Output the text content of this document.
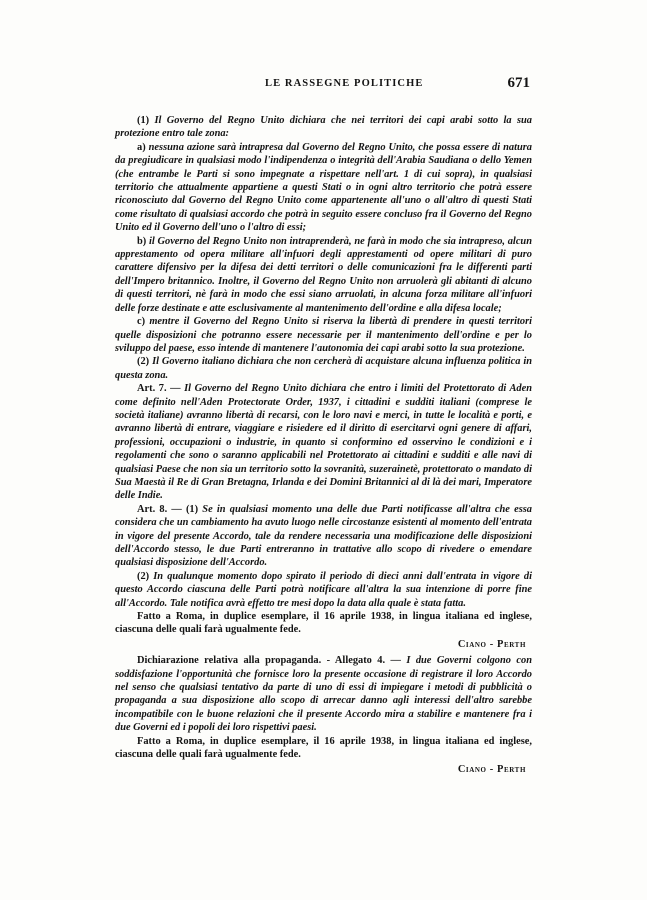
LE RASSEGNE POLITICHE	671

(1) Il Governo del Regno Unito dichiara che nei territori dei capi arabi sotto la sua protezione entro tale zona:

a) nessuna azione sarà intrapresa dal Governo del Regno Unito, che possa essere di natura da pregiudicare in qualsiasi modo l'indipendenza o integrità dell'Arabia Saudiana o dello Yemen (che entrambe le Parti si sono impegnate a rispettare nell'art. 1 di cui sopra), in qualsiasi territorio che attualmente appartiene a questi Stati o in ogni altro territorio che potrà essere riconosciuto dal Governo del Regno Unito come appartenente all'uno o all'altro di questi Stati come risultato di qualsiasi accordo che potrà in seguito essere concluso fra il Governo del Regno Unito ed il Governo dell'uno o l'altro di essi;

b) il Governo del Regno Unito non intraprenderà, ne farà in modo che sia intrapreso, alcun apprestamento od opera militare all'infuori degli apprestamenti od opere militari di puro carattere difensivo per la difesa dei detti territori o delle comunicazioni fra le differenti parti dell'Impero britannico. Inoltre, il Governo del Regno Unito non arruolerà gli abitanti di alcuno di questi territori, nè farà in modo che essi siano arruolati, in alcuna forza militare all'infuori delle forze destinate e atte esclusivamente al mantenimento dell'ordine e alla difesa locale;

c) mentre il Governo del Regno Unito si riserva la libertà di prendere in questi territori quelle disposizioni che potranno essere necessarie per il mantenimento dell'ordine e per lo sviluppo del paese, esso intende di mantenere l'autonomia dei capi arabi sotto la sua protezione.

(2) Il Governo italiano dichiara che non cercherà di acquistare alcuna influenza politica in questa zona.

Art. 7. — Il Governo del Regno Unito dichiara che entro i limiti del Protettorato di Aden come definito nell'Aden Protectorate Order, 1937, i cittadini e sudditi italiani (comprese le società italiane) avranno libertà di recarsi, con le loro navi e merci, in tutte le località e porti, e avranno libertà di entrare, viaggiare e risiedere ed il diritto di esercitarvi ogni genere di affari, professioni, occupazioni o industrie, in quanto si conformino ed osservino le condizioni e i regolamenti che sono o saranno applicabili nel Protettorato ai cittadini e sudditi e alle navi di qualsiasi Paese che non sia un territorio sotto la sovranità, suzerainetè, protettorato o mandato di Sua Maestà il Re di Gran Bretagna, Irlanda e dei Domini Britannici al di là dei mari, Imperatore delle Indie.

Art. 8. — (1) Se in qualsiasi momento una delle due Parti notificasse all'altra che essa considera che un cambiamento ha avuto luogo nelle circostanze esistenti al momento dell'entrata in vigore del presente Accordo, tale da rendere necessaria una modificazione delle disposizioni dell'Accordo stesso, le due Parti entreranno in trattative allo scopo di rivedere o emendare qualsiasi disposizione dell'Accordo.

(2) In qualunque momento dopo spirato il periodo di dieci anni dall'entrata in vigore di questo Accordo ciascuna delle Parti potrà notificare all'altra la sua intenzione di porre fine all'Accordo. Tale notifica avrà effetto tre mesi dopo la data alla quale è stata fatta.

Fatto a Roma, in duplice esemplare, il 16 aprile 1938, in lingua italiana ed inglese, ciascuna delle quali farà ugualmente fede.

Ciano - Perth

Dichiarazione relativa alla propaganda. - Allegato 4. — I due Governi colgono con soddisfazione l'opportunità che fornisce loro la presente occasione di registrare il loro Accordo nel senso che qualsiasi tentativo da parte di uno di essi di impiegare i metodi di pubblicità o propaganda a sua disposizione allo scopo di arrecar danno agli interessi dell'altro sarebbe incompatibile con le buone relazioni che il presente Accordo mira a stabilire e mantenere fra i due Governi ed i popoli dei loro rispettivi paesi.

Fatto a Roma, in duplice esemplare, il 16 aprile 1938, in lingua italiana ed inglese, ciascuna delle quali farà ugualmente fede.

Ciano - Perth
